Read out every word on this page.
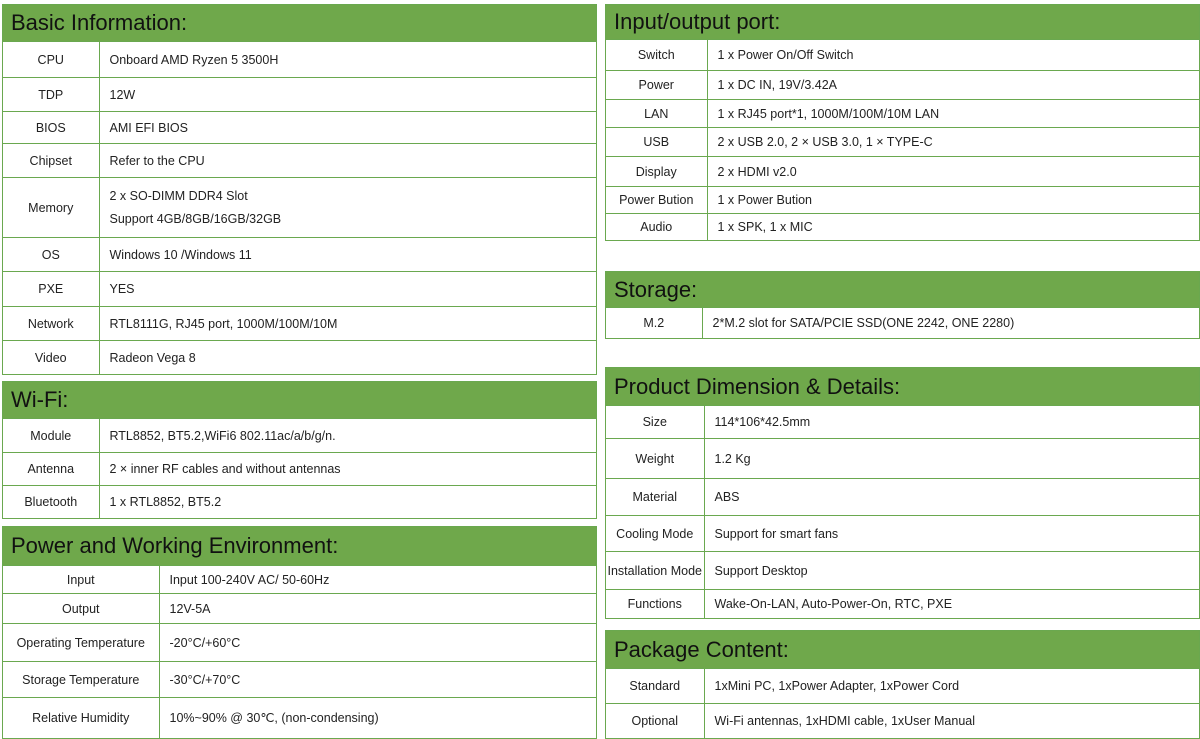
Basic Information:
CPU	Onboard AMD Ryzen 5 3500H
TDP	12W
BIOS	AMI EFI BIOS
Chipset	Refer to the CPU
Memory	2 x SO-DIMM DDR4 Slot
Support 4GB/8GB/16GB/32GB

OS	Windows 10 /Windows 11
PXE	YES
Network	RTL8111G, RJ45 port, 1000M/100M/10M
Video	Radeon Vega 8
Wi-Fi:
Module	RTL8852, BT5.2,WiFi6 802.11ac/a/b/g/n.
Antenna	2 × inner RF cables and without antennas
Bluetooth	1 x RTL8852, BT5.2
Power and Working Environment:
Input	Input 100-240V AC/ 50-60Hz
Output	12V-5A
Operating Temperature	-20°C/+60°C
Storage Temperature	-30°C/+70°C
Relative Humidity	10%~90% @ 30℃, (non-condensing)
Input/output port:
Switch	1 x Power On/Off Switch
Power	1 x DC IN, 19V/3.42A
LAN	1 x RJ45 port*1, 1000M/100M/10M LAN
USB	2 x USB 2.0, 2 × USB 3.0, 1 × TYPE-C
Display	2 x HDMI v2.0
Power Bution	1 x Power Bution
Audio	1 x SPK, 1 x MIC
Storage:
M.2	2*M.2 slot for SATA/PCIE SSD(ONE 2242, ONE 2280)
Product Dimension & Details:
Size	114*106*42.5mm
Weight	1.2 Kg
Material	ABS
Cooling Mode	Support for smart fans
Installation Mode	Support Desktop
Functions	Wake-On-LAN, Auto-Power-On, RTC, PXE
Package Content:
Standard	1xMini PC, 1xPower Adapter, 1xPower Cord
Optional	Wi-Fi antennas, 1xHDMI cable, 1xUser Manual
